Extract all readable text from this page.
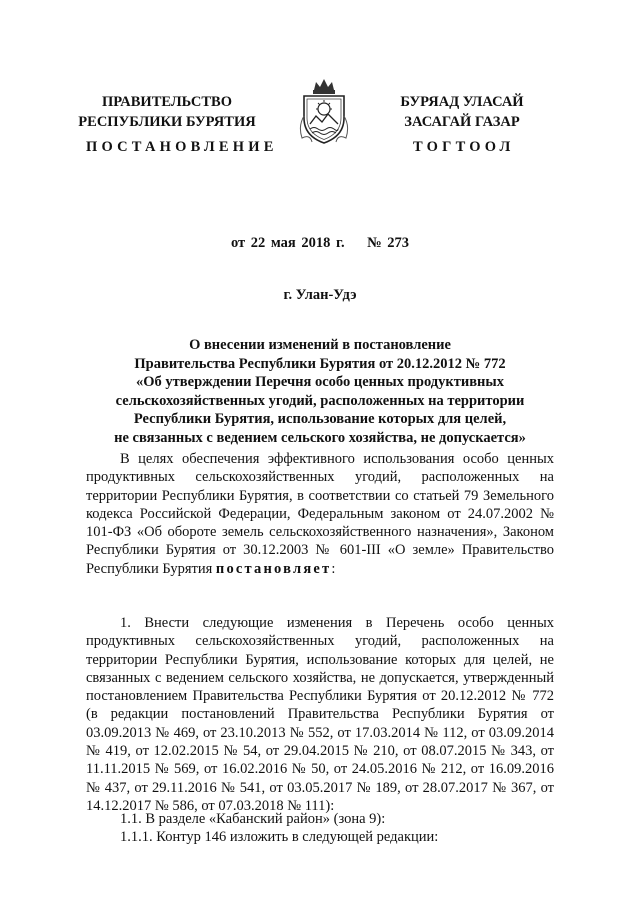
ПРАВИТЕЛЬСТВО
РЕСПУБЛИКИ БУРЯТИЯ
БУРЯАД УЛАСАЙ
ЗАСАГАЙ ГАЗАР
ПОСТАНОВЛЕНИЕ	ТОГТООЛ
от 22 мая 2018 г.    № 273
г. Улан-Удэ
О внесении изменений в постановление
Правительства Республики Бурятия от 20.12.2012 № 772
«Об утверждении Перечня особо ценных продуктивных
сельскохозяйственных угодий, расположенных на территории
Республики Бурятия, использование которых для целей,
не связанных с ведением сельского хозяйства, не допускается»
В целях обеспечения эффективного использования особо ценных продуктивных сельскохозяйственных угодий, расположенных на территории Республики Бурятия, в соответствии со статьей 79 Земельного кодекса Российской Федерации, Федеральным законом от 24.07.2002 № 101-ФЗ «Об обороте земель сельскохозяйственного назначения», Законом Республики Бурятия от 30.12.2003 № 601-III «О земле» Правительство Республики Бурятия постановляет:
1. Внести следующие изменения в Перечень особо ценных продуктивных сельскохозяйственных угодий, расположенных на территории Республики Бурятия, использование которых для целей, не связанных с ведением сельского хозяйства, не допускается, утвержденный постановлением Правительства Республики Бурятия от 20.12.2012 № 772 (в редакции постановлений Правительства Республики Бурятия от 03.09.2013 № 469, от 23.10.2013 № 552, от 17.03.2014 № 112, от 03.09.2014 № 419, от 12.02.2015 № 54, от 29.04.2015 № 210, от 08.07.2015 № 343, от 11.11.2015 № 569, от 16.02.2016 № 50, от 24.05.2016 № 212, от 16.09.2016 № 437, от 29.11.2016 № 541, от 03.05.2017 № 189, от 28.07.2017 № 367, от 14.12.2017 № 586, от 07.03.2018 № 111):
1.1. В разделе «Кабанский район» (зона 9):
1.1.1. Контур 146 изложить в следующей редакции:
